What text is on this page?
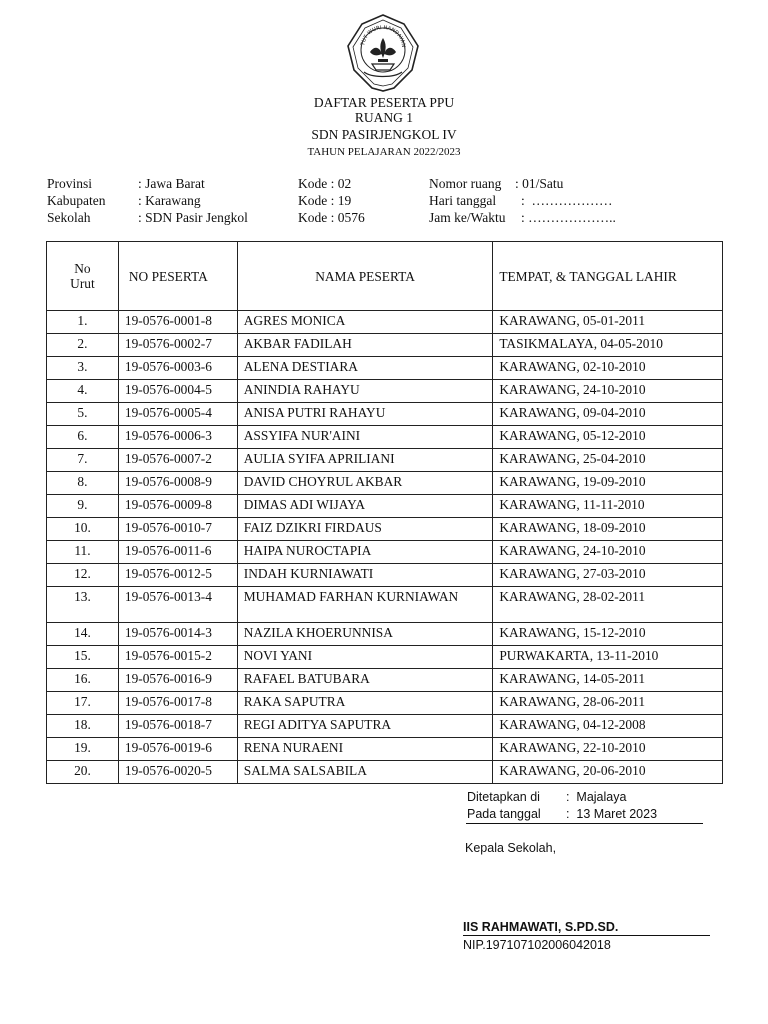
TUT WURI HANDAYAN
DAFTAR PESERTA PPU
RUANG 1
SDN PASIRJENGKOL IV
TAHUN PELAJARAN 2022/2023
Provinsi	: Jawa Barat	Kode : 02	Nomor ruang : 01/Satu
Kabupaten : Karawang	Kode : 19	Hari tanggal :  ………………
Sekolah	: SDN Pasir Jengkol	Kode : 0576	Jam ke/Waktu : ………………..
No
Urut	NO PESERTA	NAMA PESERTA	TEMPAT, & TANGGAL LAHIR
1.	19-0576-0001-8	AGRES MONICA	KARAWANG, 05-01-2011
2.	19-0576-0002-7	AKBAR FADILAH	TASIKMALAYA, 04-05-2010
3.	19-0576-0003-6	ALENA DESTIARA	KARAWANG, 02-10-2010
4.	19-0576-0004-5	ANINDIA RAHAYU	KARAWANG, 24-10-2010
5.	19-0576-0005-4	ANISA PUTRI RAHAYU	KARAWANG, 09-04-2010
6.	19-0576-0006-3	ASSYIFA NUR'AINI	KARAWANG, 05-12-2010
7.	19-0576-0007-2	AULIA SYIFA APRILIANI	KARAWANG, 25-04-2010
8.	19-0576-0008-9	DAVID CHOYRUL AKBAR	KARAWANG, 19-09-2010
9.	19-0576-0009-8	DIMAS ADI WIJAYA	KARAWANG, 11-11-2010
10.	19-0576-0010-7	FAIZ DZIKRI FIRDAUS	KARAWANG, 18-09-2010
11.	19-0576-0011-6	HAIPA NUROCTAPIA	KARAWANG, 24-10-2010
12.	19-0576-0012-5	INDAH KURNIAWATI	KARAWANG, 27-03-2010
13.	19-0576-0013-4	MUHAMAD FARHAN KURNIAWAN	KARAWANG, 28-02-2011
14.	19-0576-0014-3	NAZILA KHOERUNNISA	KARAWANG, 15-12-2010
15.	19-0576-0015-2	NOVI YANI	PURWAKARTA, 13-11-2010
16.	19-0576-0016-9	RAFAEL BATUBARA	KARAWANG, 14-05-2011
17.	19-0576-0017-8	RAKA SAPUTRA	KARAWANG, 28-06-2011
18.	19-0576-0018-7	REGI ADITYA SAPUTRA	KARAWANG, 04-12-2008
19.	19-0576-0019-6	RENA NURAENI	KARAWANG, 22-10-2010
20.	19-0576-0020-5	SALMA SALSABILA	KARAWANG, 20-06-2010
Ditetapkan di :  Majalaya
Pada tanggal :  13 Maret 2023
Kepala Sekolah,
IIS RAHMAWATI, S.PD.SD.
NIP.197107102006042018
